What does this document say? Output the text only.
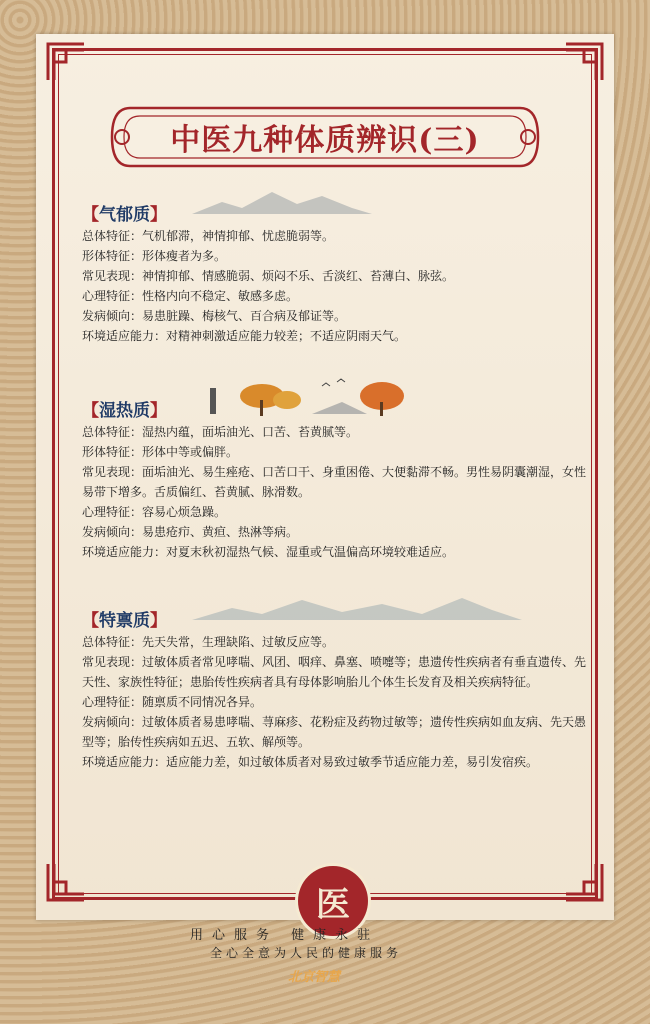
中医九种体质辨识(三)
【气郁质】

总体特征：气机郁滞，神情抑郁、忧虑脆弱等。

形体特征：形体瘦者为多。

常见表现：神情抑郁、情感脆弱、烦闷不乐、舌淡红、苔薄白、脉弦。

心理特征：性格内向不稳定、敏感多虑。

发病倾向：易患脏躁、梅核气、百合病及郁证等。

环境适应能力：对精神刺激适应能力较差；不适应阴雨天气。

【湿热质】

总体特征：湿热内蕴，面垢油光、口苦、苔黄腻等。

形体特征：形体中等或偏胖。

常见表现：面垢油光、易生痤疮、口苦口干、身重困倦、大便黏滞不畅。男性易阴囊潮湿，女性易带下增多。舌质偏红、苔黄腻、脉滑数。

心理特征：容易心烦急躁。

发病倾向：易患疮疖、黄疸、热淋等病。

环境适应能力：对夏末秋初湿热气候、湿重或气温偏高环境较难适应。

【特禀质】

总体特征：先天失常，生理缺陷、过敏反应等。

常见表现：过敏体质者常见哮喘、风团、咽痒、鼻塞、喷嚏等；患遗传性疾病者有垂直遗传、先天性、家族性特征；患胎传性疾病者具有母体影响胎儿个体生长发育及相关疾病特征。

心理特征：随禀质不同情况各异。

发病倾向：过敏体质者易患哮喘、荨麻疹、花粉症及药物过敏等；遗传性疾病如血友病、先天愚型等；胎传性疾病如五迟、五软、解颅等。

环境适应能力：适应能力差，如过敏体质者对易致过敏季节适应能力差，易引发宿疾。

医
用心服务 健康永驻
全心全意为人民的健康服务
北京智慧
